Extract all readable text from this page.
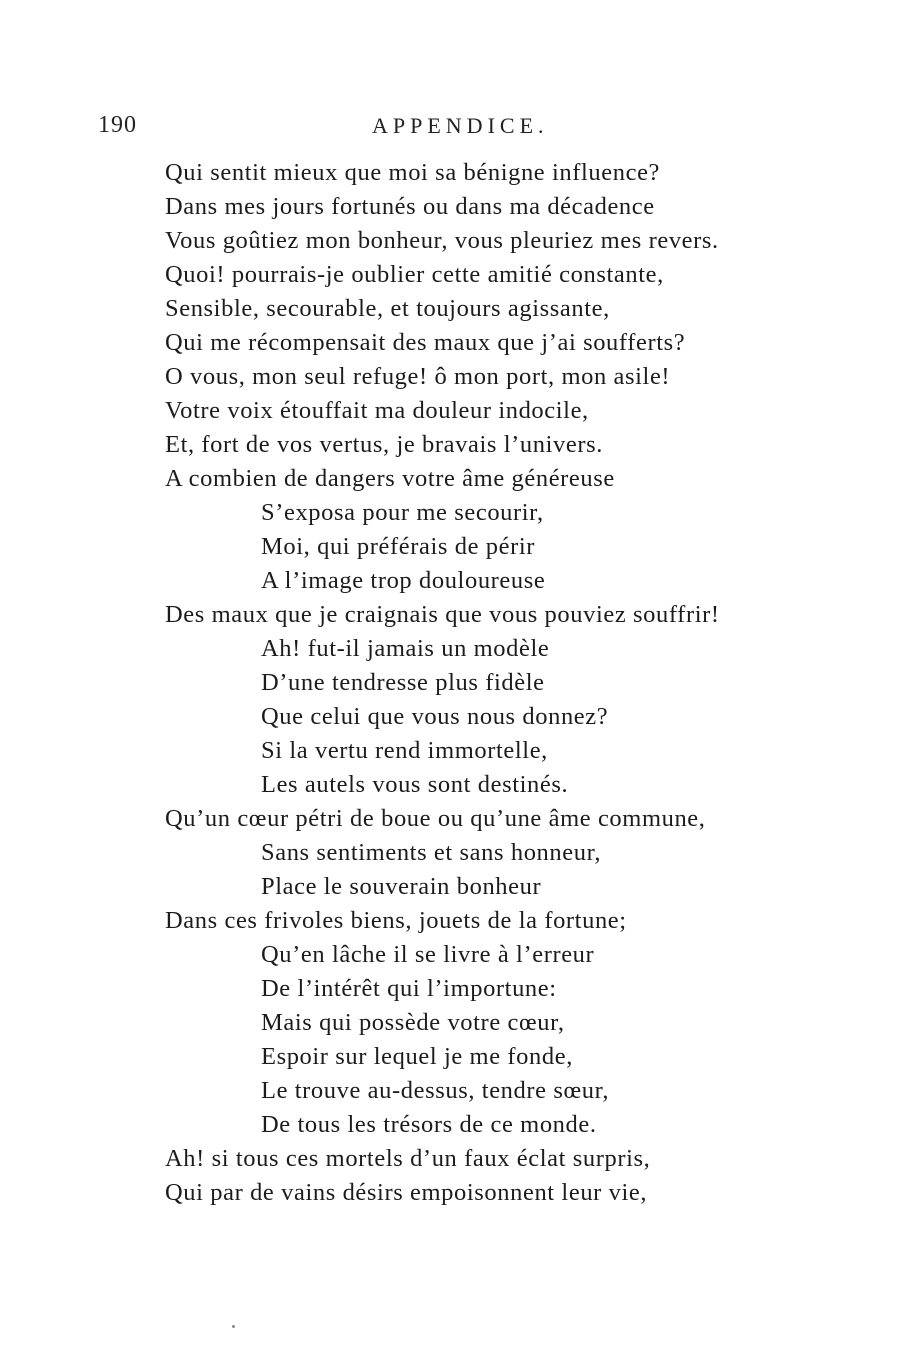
190	APPENDICE.
Qui sentit mieux que moi sa bénigne influence?
Dans mes jours fortunés ou dans ma décadence
Vous goûtiez mon bonheur, vous pleuriez mes revers.
Quoi! pourrais-je oublier cette amitié constante,
Sensible, secourable, et toujours agissante,
Qui me récompensait des maux que j’ai soufferts?
O vous, mon seul refuge! ô mon port, mon asile!
Votre voix étouffait ma douleur indocile,
Et, fort de vos vertus, je bravais l’univers.
A combien de dangers votre âme généreuse
S’exposa pour me secourir,
Moi, qui préférais de périr
A l’image trop douloureuse
Des maux que je craignais que vous pouviez souffrir!
Ah! fut-il jamais un modèle
D’une tendresse plus fidèle
Que celui que vous nous donnez?
Si la vertu rend immortelle,
Les autels vous sont destinés.
Qu’un cœur pétri de boue ou qu’une âme commune,
Sans sentiments et sans honneur,
Place le souverain bonheur
Dans ces frivoles biens, jouets de la fortune;
Qu’en lâche il se livre à l’erreur
De l’intérêt qui l’importune:
Mais qui possède votre cœur,
Espoir sur lequel je me fonde,
Le trouve au-dessus, tendre sœur,
De tous les trésors de ce monde.
Ah! si tous ces mortels d’un faux éclat surpris,
Qui par de vains désirs empoisonnent leur vie,
